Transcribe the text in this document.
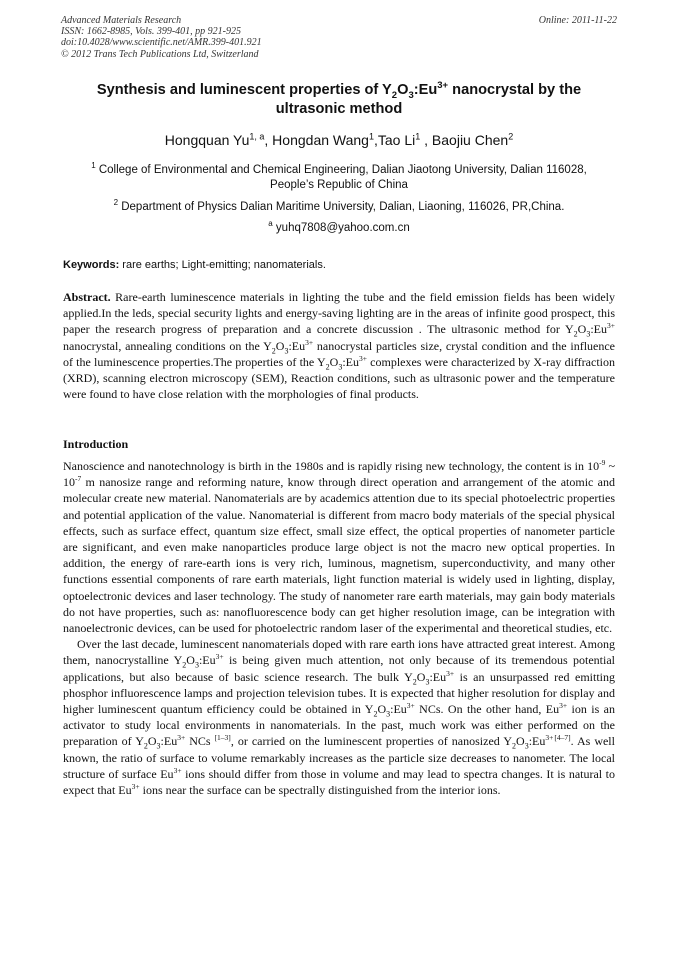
Advanced Materials Research
ISSN: 1662-8985, Vols. 399-401, pp 921-925
doi:10.4028/www.scientific.net/AMR.399-401.921
© 2012 Trans Tech Publications Ltd, Switzerland
Online: 2011-11-22
Synthesis and luminescent properties of $Y_2O_3:Eu^{3+}$ nanocrystal by the
ultrasonic method
Hongquan Yu$^{1, a}$, Hongdan Wang$^1$,Tao Li$^1$ , Baojiu Chen$^2$
$^1$ College of Environmental and Chemical Engineering, Dalian Jiaotong University, Dalian 116028,
People’s Republic of China
$^2$ Department of Physics Dalian Maritime University, Dalian, Liaoning, 116026, PR,China.
$^a$ yuhq7808@yahoo.com.cn
Keywords: rare earths; Light-emitting; nanomaterials.
Abstract. Rare-earth luminescence materials in lighting the tube and the field emission fields has been widely applied.In the leds, special security lights and energy-saving lighting are in the areas of infinite good prospect, this paper the research progress of preparation and a concrete discussion . The ultrasonic method for $Y_2O_3:Eu^{3+}$ nanocrystal, annealing conditions on the $Y_2O_3:Eu^{3+}$ nanocrystal particles size, crystal condition and the influence of the luminescence properties.The properties of the $Y_2O_3:Eu^{3+}$ complexes were characterized by X-ray diffraction (XRD), scanning electron microscopy (SEM), Reaction conditions, such as ultrasonic power and the temperature were found to have close relation with the morphologies of final products.
Introduction

Nanoscience and nanotechnology is birth in the 1980s and is rapidly rising new technology, the content is in $10^{-9}$ ~ $10^{-7}$ m nanosize range and reforming nature, know through direct operation and arrangement of the atomic and molecular create new material. Nanomaterials are by academics attention due to its special photoelectric properties and potential application of the value. Nanomaterial is different from macro body materials of the special physical effects, such as surface effect, quantum size effect, small size effect, the optical properties of nanometer particle are significant, and even make nanoparticles produce large object is not the macro new optical properties. In addition, the energy of rare-earth ions is very rich, luminous, magnetism, superconductivity, and many other functions essential components of rare earth materials, light function material is widely used in lighting, display, optoelectronic devices and laser technology. The study of nanometer rare earth materials, may gain body materials do not have properties, such as: nanofluorescence body can get higher resolution image, can be integration with nanoelectronic devices, can be used for photoelectric random laser of the experimental and theoretical studies, etc.

Over the last decade, luminescent nanomaterials doped with rare earth ions have attracted great interest. Among them, nanocrystalline $Y_2O_3:Eu^{3+}$ is being given much attention, not only because of its tremendous potential applications, but also because of basic science research. The bulk $Y_2O_3:Eu^{3+}$ is an unsurpassed red emitting phosphor influorescence lamps and projection television tubes. It is expected that higher resolution for display and higher luminescent quantum efficiency could be obtained in $Y_2O_3:Eu^{3+}$ NCs. On the other hand, $Eu^{3+}$ ion is an activator to study local environments in nanomaterials. In the past, much work was either performed on the preparation of $Y_2O_3:Eu^{3+}$ NCs [1–3], or carried on the luminescent properties of nanosized $Y_2O_3:Eu^{3+}$ [4–7]. As well known, the ratio of surface to volume remarkably increases as the particle size decreases to nanometer. The local structure of surface $Eu^{3+}$ ions should differ from those in volume and may lead to spectra changes. It is natural to expect that $Eu^{3+}$ ions near the surface can be spectrally distinguished from the interior ions.
